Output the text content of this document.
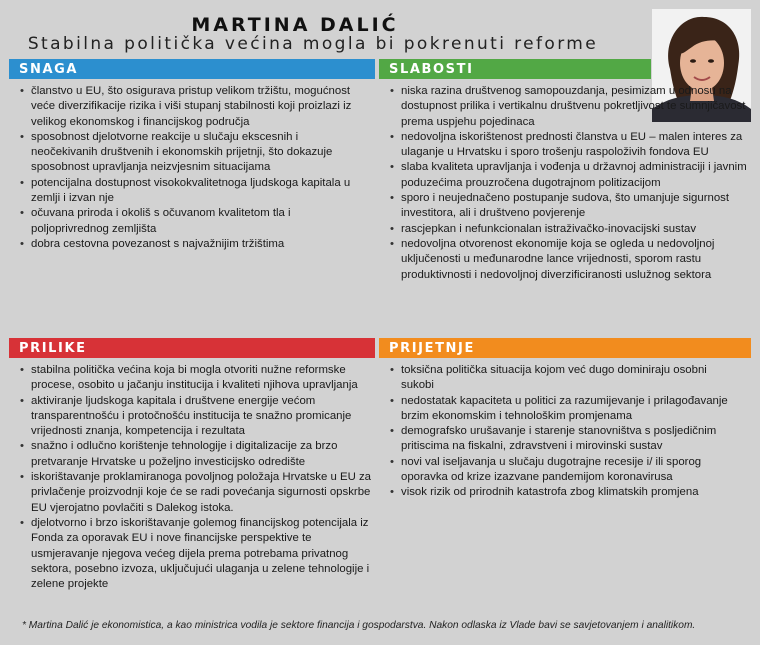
MARTINA DALIĆ
Stabilna politička većina mogla bi pokrenuti reforme
SNAGA
• članstvo u EU, što osigurava pristup velikom tržištu, mogućnost veće diverzifikacije rizika i viši stupanj stabilnosti koji proizlazi iz velikog ekonomskog i financijskog područja
• sposobnost djelotvorne reakcije u slučaju ekscesnih i neočekivanih društvenih i ekonomskih prijetnji, što dokazuje sposobnost upravljanja neizvjesnim situacijama
• potencijalna dostupnost visokokvalitetnoga ljudskoga kapitala u zemlji i izvan nje
• očuvana priroda i okoliš s očuvanom kvalitetom tla i poljoprivrednog zemljišta
• dobra cestovna povezanost s najvažnijim tržištima
SLABOSTI
• niska razina društvenog samopouzdanja, pesimizam u odnosu na dostupnost prilika i vertikalnu društvenu pokretljivost te sumnjičavost prema uspjehu pojedinaca
• nedovoljna iskorištenost prednosti članstva u EU – malen interes za ulaganje u Hrvatsku i sporo trošenju raspoloživih fondova EU
• slaba kvaliteta upravljanja i vođenja u državnoj administraciji i javnim poduzećima prouzročena dugotrajnom politizacijom
• sporo i neujednačeno postupanje sudova, što umanjuje sigurnost investitora, ali i društveno povjerenje
• rascjepkan i nefunkcionalan istraživačko-inovacijski sustav
• nedovoljna otvorenost ekonomije koja se ogleda u nedovoljnoj uključenosti u međunarodne lance vrijednosti, sporom rastu produktivnosti i nedovoljnoj diverzificiranosti uslužnog sektora
PRILIKE
• stabilna politička većina koja bi mogla otvoriti nužne reformske procese, osobito u jačanju institucija i kvaliteti njihova upravljanja
• aktiviranje ljudskoga kapitala i društvene energije većom transparentnošću i protočnošću institucija te snažno promicanje vrijednosti znanja, kompetencija i rezultata
• snažno i odlučno korištenje tehnologije i digitalizacije za brzo pretvaranje Hrvatske u poželjno investicijsko odredište
• iskorištavanje proklamiranoga povoljnog položaja Hrvatske u EU za privlačenje proizvodnji koje će se radi povećanja sigurnosti opskrbe EU vjerojatno povlačiti s Dalekog istoka.
• djelotvorno i brzo iskorištavanje golemog financijskog potencijala iz Fonda za oporavak EU i nove financijske perspektive te usmjeravanje njegova većeg dijela prema potrebama privatnog sektora, posebno izvoza, uključujući ulaganja u zelene tehnologije i zelene projekte
PRIJETNJE
• toksična politička situacija kojom već dugo dominiraju osobni sukobi
• nedostatak kapaciteta u politici za razumijevanje i prilagođavanje brzim ekonomskim i tehnološkim promjenama
• demografsko urušavanje i starenje stanovništva s posljedičnim pritiscima na fiskalni, zdravstveni i mirovinski sustav
• novi val iseljavanja u slučaju dugotrajne recesije i/ ili sporog oporavka od krize izazvane pandemijom koronavirusa
• visok rizik od prirodnih katastrofa zbog klimatskih promjena
* Martina Dalić je ekonomistica, a kao ministrica vodila je sektore financija i gospodarstva. Nakon odlaska iz Vlade bavi se savjetovanjem i analitikom.
